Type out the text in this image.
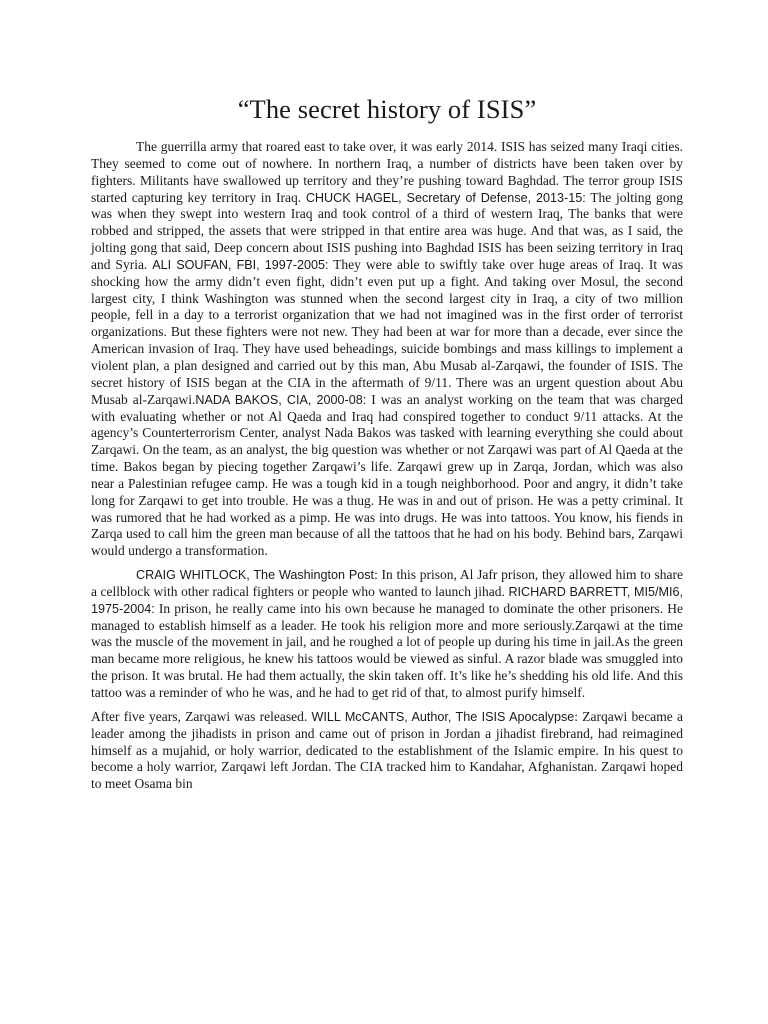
“The secret history of ISIS”

The guerrilla army that roared east to take over, it was early 2014. ISIS has seized many Iraqi cities. They seemed to come out of nowhere. In northern Iraq, a number of districts have been taken over by fighters. Militants have swallowed up territory and they’re pushing toward Baghdad. The terror group ISIS started capturing key territory in Iraq. CHUCK HAGEL, Secretary of Defense, 2013-15: The jolting gong was when they swept into western Iraq and took control of a third of western Iraq, The banks that were robbed and stripped, the assets that were stripped in that entire area was huge. And that was, as I said, the jolting gong that said, Deep concern about ISIS pushing into Baghdad ISIS has been seizing territory in Iraq and Syria. ALI SOUFAN, FBI, 1997-2005: They were able to swiftly take over huge areas of Iraq. It was shocking how the army didn’t even fight, didn’t even put up a fight. And taking over Mosul, the second largest city, I think Washington was stunned when the second largest city in Iraq, a city of two million people, fell in a day to a terrorist organization that we had not imagined was in the first order of terrorist organizations. But these fighters were not new. They had been at war for more than a decade, ever since the American invasion of Iraq. They have used beheadings, suicide bombings and mass killings to implement a violent plan, a plan designed and carried out by this man, Abu Musab al-Zarqawi, the founder of ISIS. The secret history of ISIS began at the CIA in the aftermath of 9/11. There was an urgent question about Abu Musab al-Zarqawi.NADA BAKOS, CIA, 2000-08: I was an analyst working on the team that was charged with evaluating whether or not Al Qaeda and Iraq had conspired together to conduct 9/11 attacks. At the agency’s Counterterrorism Center, analyst Nada Bakos was tasked with learning everything she could about Zarqawi. On the team, as an analyst, the big question was whether or not Zarqawi was part of Al Qaeda at the time. Bakos began by piecing together Zarqawi’s life. Zarqawi grew up in Zarqa, Jordan, which was also near a Palestinian refugee camp. He was a tough kid in a tough neighborhood. Poor and angry, it didn’t take long for Zarqawi to get into trouble. He was a thug. He was in and out of prison. He was a petty criminal. It was rumored that he had worked as a pimp. He was into drugs. He was into tattoos. You know, his fiends in Zarqa used to call him the green man because of all the tattoos that he had on his body. Behind bars, Zarqawi would undergo a transformation.

CRAIG WHITLOCK, The Washington Post: In this prison, Al Jafr prison, they allowed him to share a cellblock with other radical fighters or people who wanted to launch jihad. RICHARD BARRETT, MI5/MI6, 1975-2004: In prison, he really came into his own because he managed to dominate the other prisoners. He managed to establish himself as a leader. He took his religion more and more seriously.Zarqawi at the time was the muscle of the movement in jail, and he roughed a lot of people up during his time in jail.As the green man became more religious, he knew his tattoos would be viewed as sinful. A razor blade was smuggled into the prison. It was brutal. He had them actually, the skin taken off. It’s like he’s shedding his old life. And this tattoo was a reminder of who he was, and he had to get rid of that, to almost purify himself.

After five years, Zarqawi was released. WILL McCANTS, Author, The ISIS Apocalypse: Zarqawi became a leader among the jihadists in prison and came out of prison in Jordan a jihadist firebrand, had reimagined himself as a mujahid, or holy warrior, dedicated to the establishment of the Islamic empire. In his quest to become a holy warrior, Zarqawi left Jordan. The CIA tracked him to Kandahar, Afghanistan. Zarqawi hoped to meet Osama bin
